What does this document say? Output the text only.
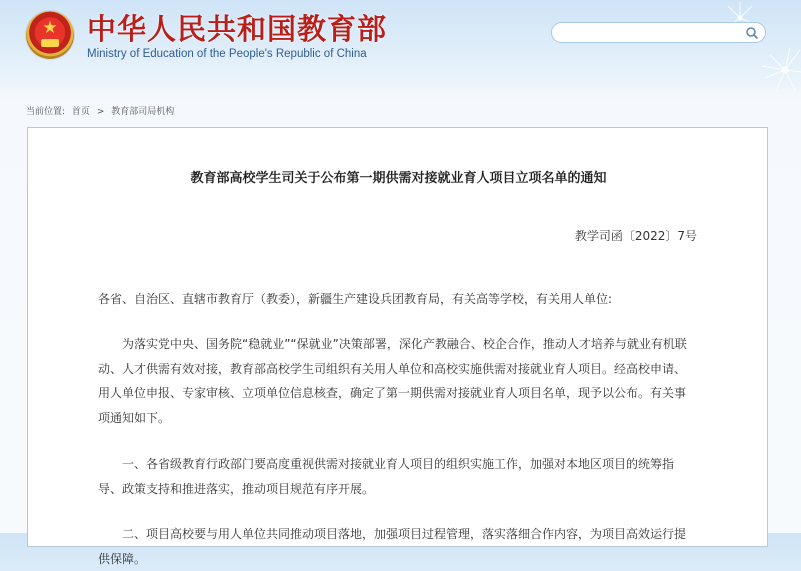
★	中华人民共和国教育部
Ministry of Education of the People's Republic of China
当前位置: 首页 > 教育部司局机构
教育部高校学生司关于公布第一期供需对接就业育人项目立项名单的通知
教学司函〔2022〕7号

各省、自治区、直辖市教育厅（教委），新疆生产建设兵团教育局，有关高等学校，有关用人单位:

为落实党中央、国务院“稳就业”“保就业”决策部署，深化产教融合、校企合作，推动人才培养与就业有机联动、人才供需有效对接，教育部高校学生司组织有关用人单位和高校实施供需对接就业育人项目。经高校申请、用人单位申报、专家审核、立项单位信息核查，确定了第一期供需对接就业育人项目名单，现予以公布。有关事项通知如下。

一、各省级教育行政部门要高度重视供需对接就业育人项目的组织实施工作，加强对本地区项目的统筹指导、政策支持和推进落实，推动项目规范有序开展。

二、项目高校要与用人单位共同推动项目落地，加强项目过程管理，落实落细合作内容，为项目高效运行提供保障。
